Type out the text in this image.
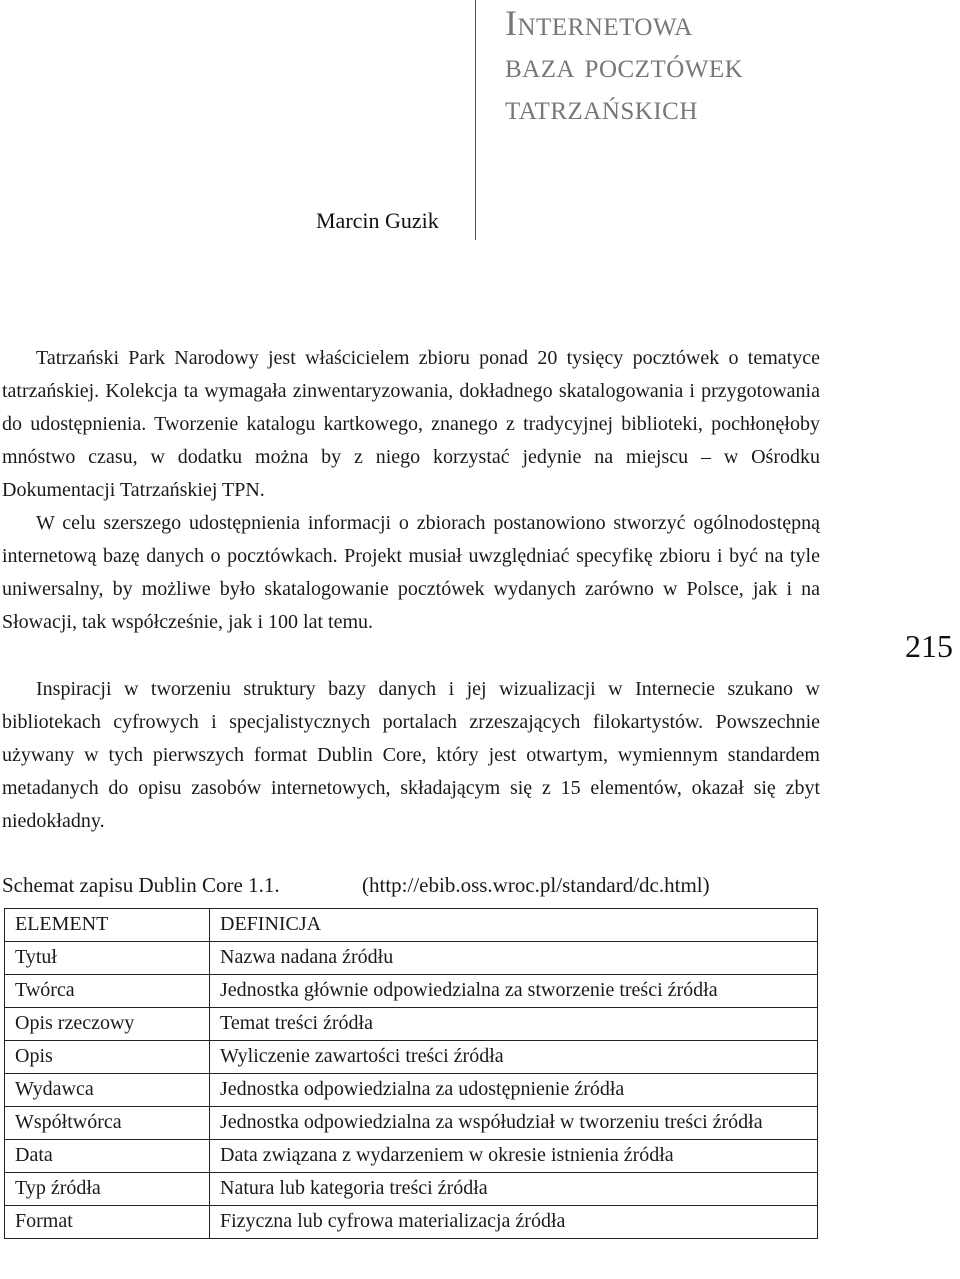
Internetowa
baza pocztówek
tatrzańskich
Marcin Guzik

Tatrzański Park Narodowy jest właścicielem zbioru ponad 20 tysięcy pocztówek o tematyce tatrzańskiej. Kolekcja ta wymagała zinwentaryzowania, dokładnego skatalogowania i przygotowania do udostępnienia. Tworzenie katalogu kartkowego, znanego z tradycyjnej biblioteki, pochłonęłoby mnóstwo czasu, w dodatku można by z niego korzystać jedynie na miejscu – w Ośrodku Dokumentacji Tatrzańskiej TPN.

W celu szerszego udostępnienia informacji o zbiorach postanowiono stworzyć ogólnodostępną internetową bazę danych o pocztówkach. Projekt musiał uwzględniać specyfikę zbioru i być na tyle uniwersalny, by możliwe było skatalogowanie pocztówek wydanych zarówno w Polsce, jak i na Słowacji, tak współcześnie, jak i 100 lat temu.

Inspiracji w tworzeniu struktury bazy danych i jej wizualizacji w Internecie szukano w bibliotekach cyfrowych i specjalistycznych portalach zrzeszających filokartystów. Powszechnie używany w tych pierwszych format Dublin Core, który jest otwartym, wymiennym standardem metadanych do opisu zasobów internetowych, składającym się z 15 elementów, okazał się zbyt niedokładny.

215
Schemat zapisu Dublin Core 1.1.	(http://ebib.oss.wroc.pl/standard/dc.html)
ELEMENT	DEFINICJA
Tytuł	Nazwa nadana źródłu
Twórca	Jednostka głównie odpowiedzialna za stworzenie treści źródła
Opis rzeczowy	Temat treści źródła
Opis	Wyliczenie zawartości treści źródła
Wydawca	Jednostka odpowiedzialna za udostępnienie źródła
Współtwórca	Jednostka odpowiedzialna za współudział w tworzeniu treści źródła
Data	Data związana z wydarzeniem w okresie istnienia źródła
Typ źródła	Natura lub kategoria treści źródła
Format	Fizyczna lub cyfrowa materializacja źródła
